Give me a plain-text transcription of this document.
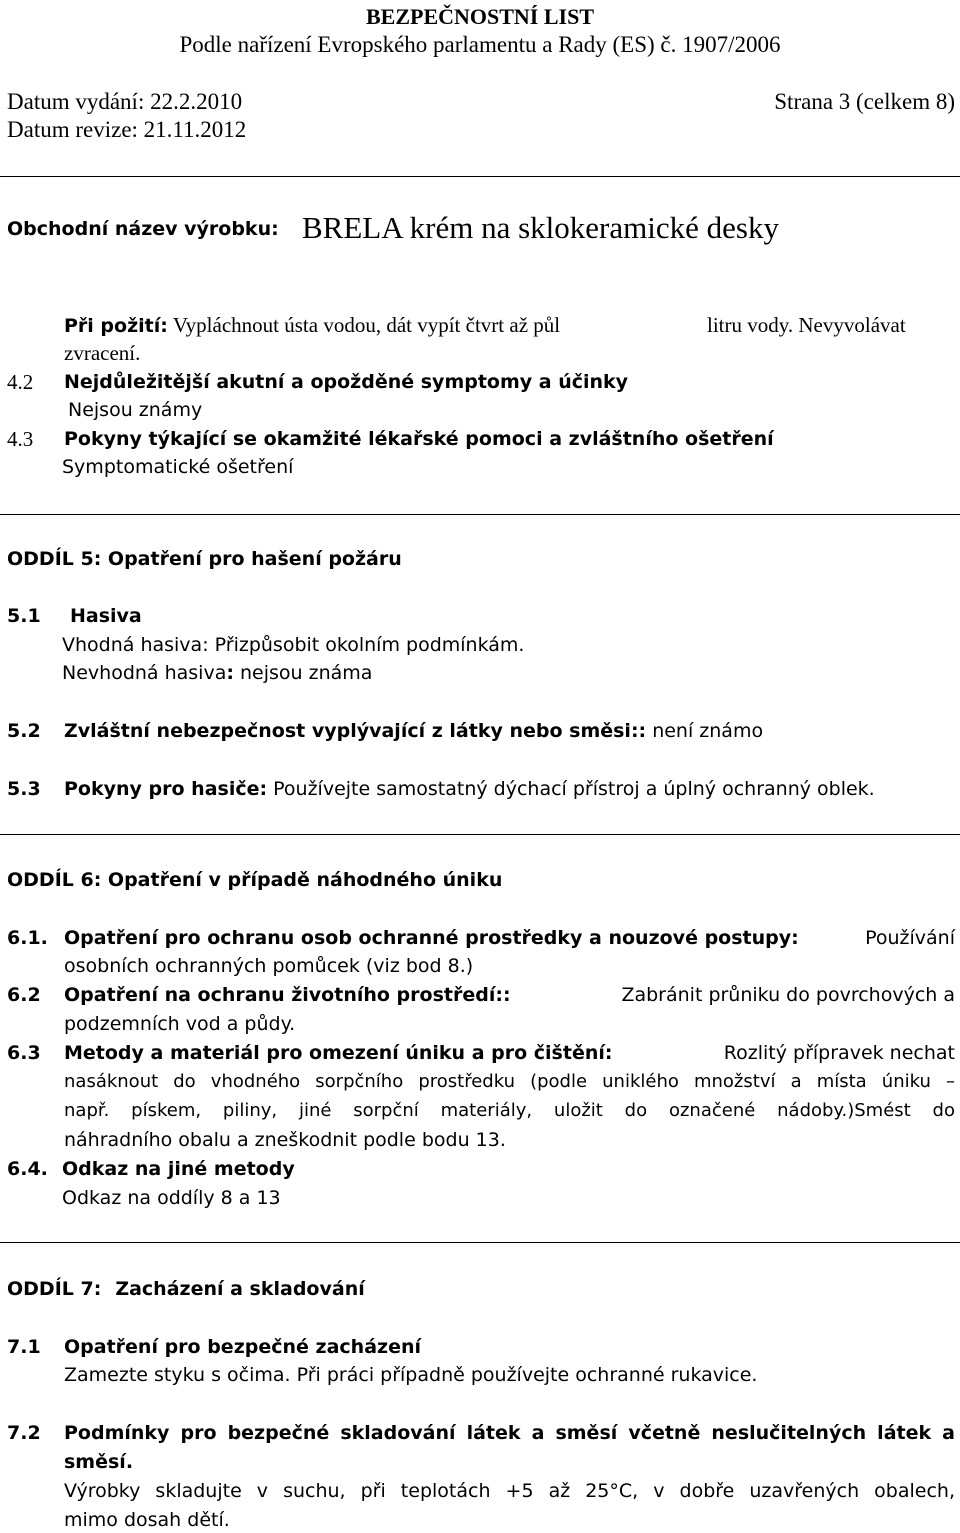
BEZPEČNOSTNÍ LIST
Podle nařízení Evropského parlamentu a Rady (ES) č. 1907/2006
Datum vydání: 22.2.2010	Strana 3 (celkem 8)
Datum revize: 21.11.2012
Obchodní název výrobku: BRELA krém na sklokeramické desky
Při požití: Vypláchnout ústa vodou, dát vypít čtvrt až půl	litru vody. Nevyvolávat
zvracení.
4.2 Nejdůležitější akutní a opožděné symptomy a účinky
Nejsou známy
4.3 Pokyny týkající se okamžité lékařské pomoci a zvláštního ošetření
Symptomatické ošetření
ODDÍL 5: Opatření pro hašení požáru
5.1 Hasiva
Vhodná hasiva: Přizpůsobit okolním podmínkám.
Nevhodná hasiva: nejsou známa
5.2 Zvláštní nebezpečnost vyplývající z látky nebo směsi:: není známo
5.3 Pokyny pro hasiče: Používejte samostatný dýchací přístroj a úplný ochranný oblek.
ODDÍL 6: Opatření v případě náhodného úniku
6.1. Opatření pro ochranu osob ochranné prostředky a nouzové postupy:	Používání
osobních ochranných pomůcek (viz bod 8.)
6.2 Opatření na ochranu životního prostředí::	Zabránit průniku do povrchových a
podzemních vod a půdy.
6.3 Metody a materiál pro omezení úniku a pro čištění:	Rozlitý přípravek nechat
nasáknout do vhodného sorpčního prostředku (podle uniklého množství a místa úniku –
např. pískem, piliny, jiné sorpční materiály, uložit do označené nádoby.)Smést do
náhradního obalu a zneškodnit podle bodu 13.
6.4. Odkaz na jiné metody
Odkaz na oddíly 8 a 13
ODDÍL 7: Zacházení a skladování
7.1 Opatření pro bezpečné zacházení
Zamezte styku s očima. Při práci případně používejte ochranné rukavice.
7.2 Podmínky pro bezpečné skladování látek a směsí včetně neslučitelných látek a
směsí.
Výrobky skladujte v suchu, při teplotách +5 až 25°C, v dobře uzavřených obalech,
mimo dosah dětí.
